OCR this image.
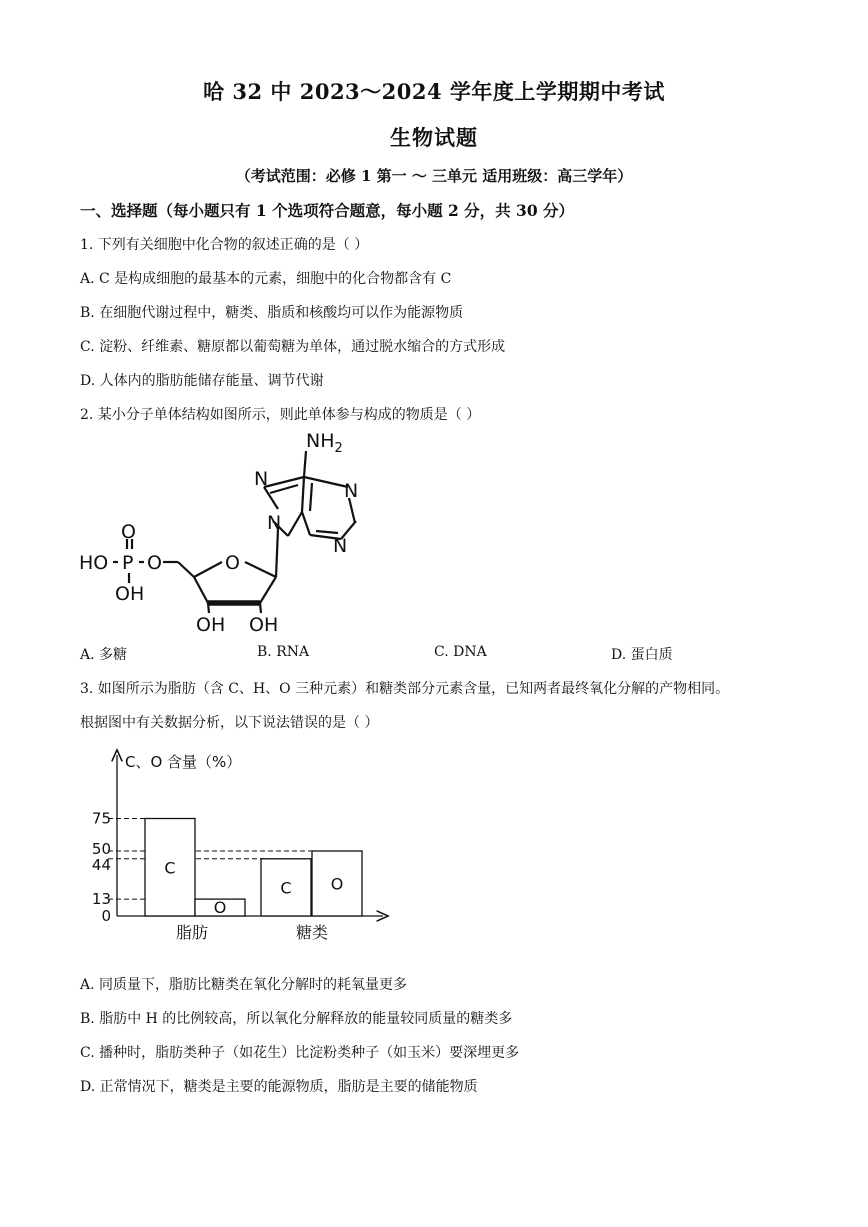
哈 32 中 2023～2024 学年度上学期期中考试
生物试题
（考试范围：必修 1 第一 ～ 三单元 适用班级：高三学年）
一、选择题（每小题只有 1 个选项符合题意，每小题 2 分，共 30 分）
1. 下列有关细胞中化合物的叙述正确的是（ ）
A. C 是构成细胞的最基本的元素，细胞中的化合物都含有 C
B. 在细胞代谢过程中，糖类、脂质和核酸均可以作为能源物质
C. 淀粉、纤维素、糖原都以葡萄糖为单体，通过脱水缩合的方式形成
D. 人体内的脂肪能储存能量、调节代谢
2. 某小分子单体结构如图所示，则此单体参与构成的物质是（ ）
$NH_2$
N
N
N
N
O
O
P
O
HO
OH
OH OH
A. 多糖	B. RNA	C. DNA	D. 蛋白质
3. 如图所示为脂肪（含 C、H、O 三种元素）和糖类部分元素含量，已知两者最终氧化分解的产物相同。
根据图中有关数据分析，以下说法错误的是（ ）
C、O 含量（%）
C
O
C O
0
13
44
50
75
脂肪	糖类
A. 同质量下，脂肪比糖类在氧化分解时的耗氧量更多
B. 脂肪中 H 的比例较高，所以氧化分解释放的能量较同质量的糖类多
C. 播种时，脂肪类种子（如花生）比淀粉类种子（如玉米）要深埋更多
D. 正常情况下，糖类是主要的能源物质，脂肪是主要的储能物质
